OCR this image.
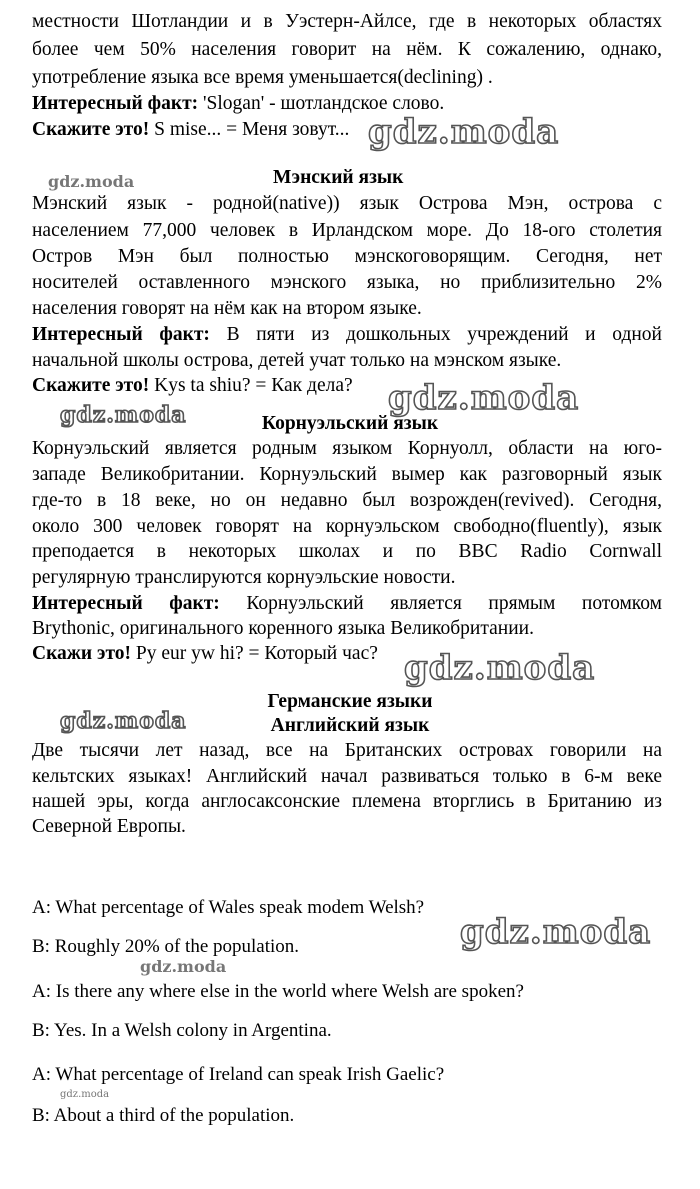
местности Шотландии и в Уэстерн-Айлсе, где в некоторых областях
более чем 50% населения говорит на нём. К сожалению, однако,
употребление языка все время уменьшается(declining) .
Интересный факт: 'Slogan' - шотландское слово.
Скажите это! S mise... = Меня зовут...
Мэнский язык
Мэнский язык - родной(native)) язык Острова Мэн, острова с
населением 77,000 человек в Ирландском море. До 18-ого столетия
Остров Мэн был полностью мэнскоговорящим. Сегодня, нет
носителей оставленного мэнского языка, но приблизительно 2%
населения говорят на нём как на втором языке.
Интересный факт: В пяти из дошкольных учреждений и одной
начальной школы острова, детей учат только на мэнском языке.
Скажите это! Kys ta shiu? = Как дела?
Корнуэльский язык
Корнуэльский является родным языком Корнуолл, области на юго-
западе Великобритании. Корнуэльский вымер как разговорный язык
где-то в 18 веке, но он недавно был возрожден(revived). Сегодня,
около 300 человек говорят на корнуэльском свободно(fluently), язык
преподается в некоторых школах и по BBC Radio Cornwall
регулярную транслируются корнуэльские новости.
Интересный факт: Корнуэльский является прямым потомком
Brythonic, оригинального коренного языка Великобритании.
Скажи это! Py eur yw hi? = Который час?
Германские языки
Английский язык
Две тысячи лет назад, все на Британских островах говорили на
кельтских языках! Английский начал развиваться только в 6-м веке
нашей эры, когда англосаксонские племена вторглись в Британию из
Северной Европы.
A: What percentage of Wales speak modem Welsh?
B: Roughly 20% of the population.
A: Is there any where else in the world where Welsh are spoken?
B: Yes. In a Welsh colony in Argentina.
A: What percentage of Ireland can speak Irish Gaelic?
B: About a third of the population.
gdz.moda
gdz.moda
gdz.moda
gdz.moda
gdz.moda
gdz.moda
gdz.moda
gdz.moda
gdz.moda
